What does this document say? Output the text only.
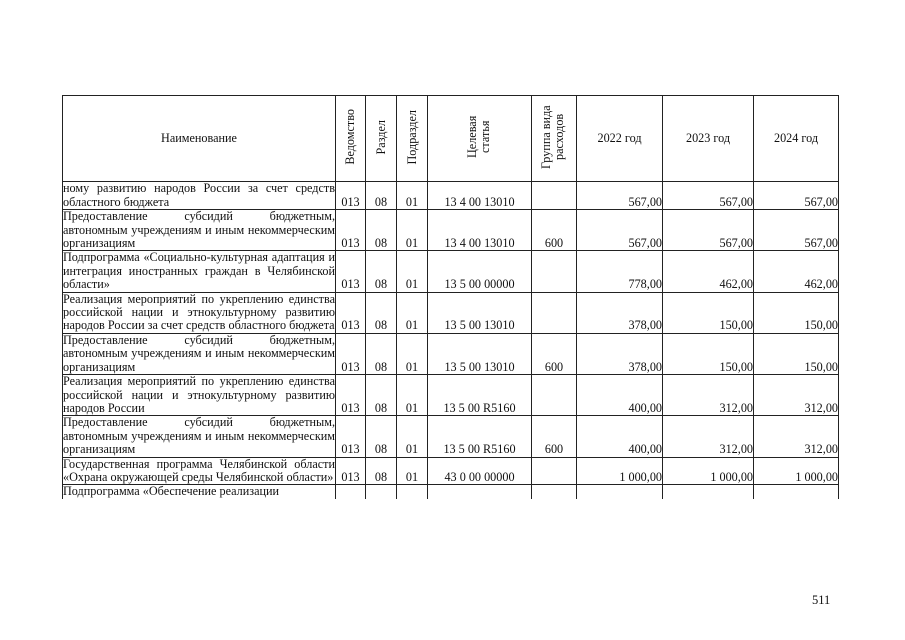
Наименование	Ведомство	Раздел	Подраздел	Целевая статья	Группа вида расходов	2022 год	2023 год	2024 год
ному развитию народов России за счет средств областного бюджета	013	08	01	13 4 00 13010		567,00	567,00	567,00
Предоставление субсидий бюджетным, автономным учреждениям и иным некоммерческим организациям	013	08	01	13 4 00 13010	600	567,00	567,00	567,00
Подпрограмма «Социально-культурная адаптация и интеграция иностранных граждан в Челябинской области»	013	08	01	13 5 00 00000		778,00	462,00	462,00
Реализация мероприятий по укреплению единства российской нации и этнокультурному развитию народов России за счет средств областного бюджета	013	08	01	13 5 00 13010		378,00	150,00	150,00
Предоставление субсидий бюджетным, автономным учреждениям и иным некоммерческим организациям	013	08	01	13 5 00 13010	600	378,00	150,00	150,00
Реализация мероприятий по укреплению единства российской нации и этнокультурному развитию народов России	013	08	01	13 5 00 R5160		400,00	312,00	312,00
Предоставление субсидий бюджетным, автономным учреждениям и иным некоммерческим организациям	013	08	01	13 5 00 R5160	600	400,00	312,00	312,00
Государственная программа Челябинской области «Охрана окружающей среды Челябинской области»	013	08	01	43 0 00 00000		1 000,00	1 000,00	1 000,00
Подпрограмма «Обеспечение реализации								
511
